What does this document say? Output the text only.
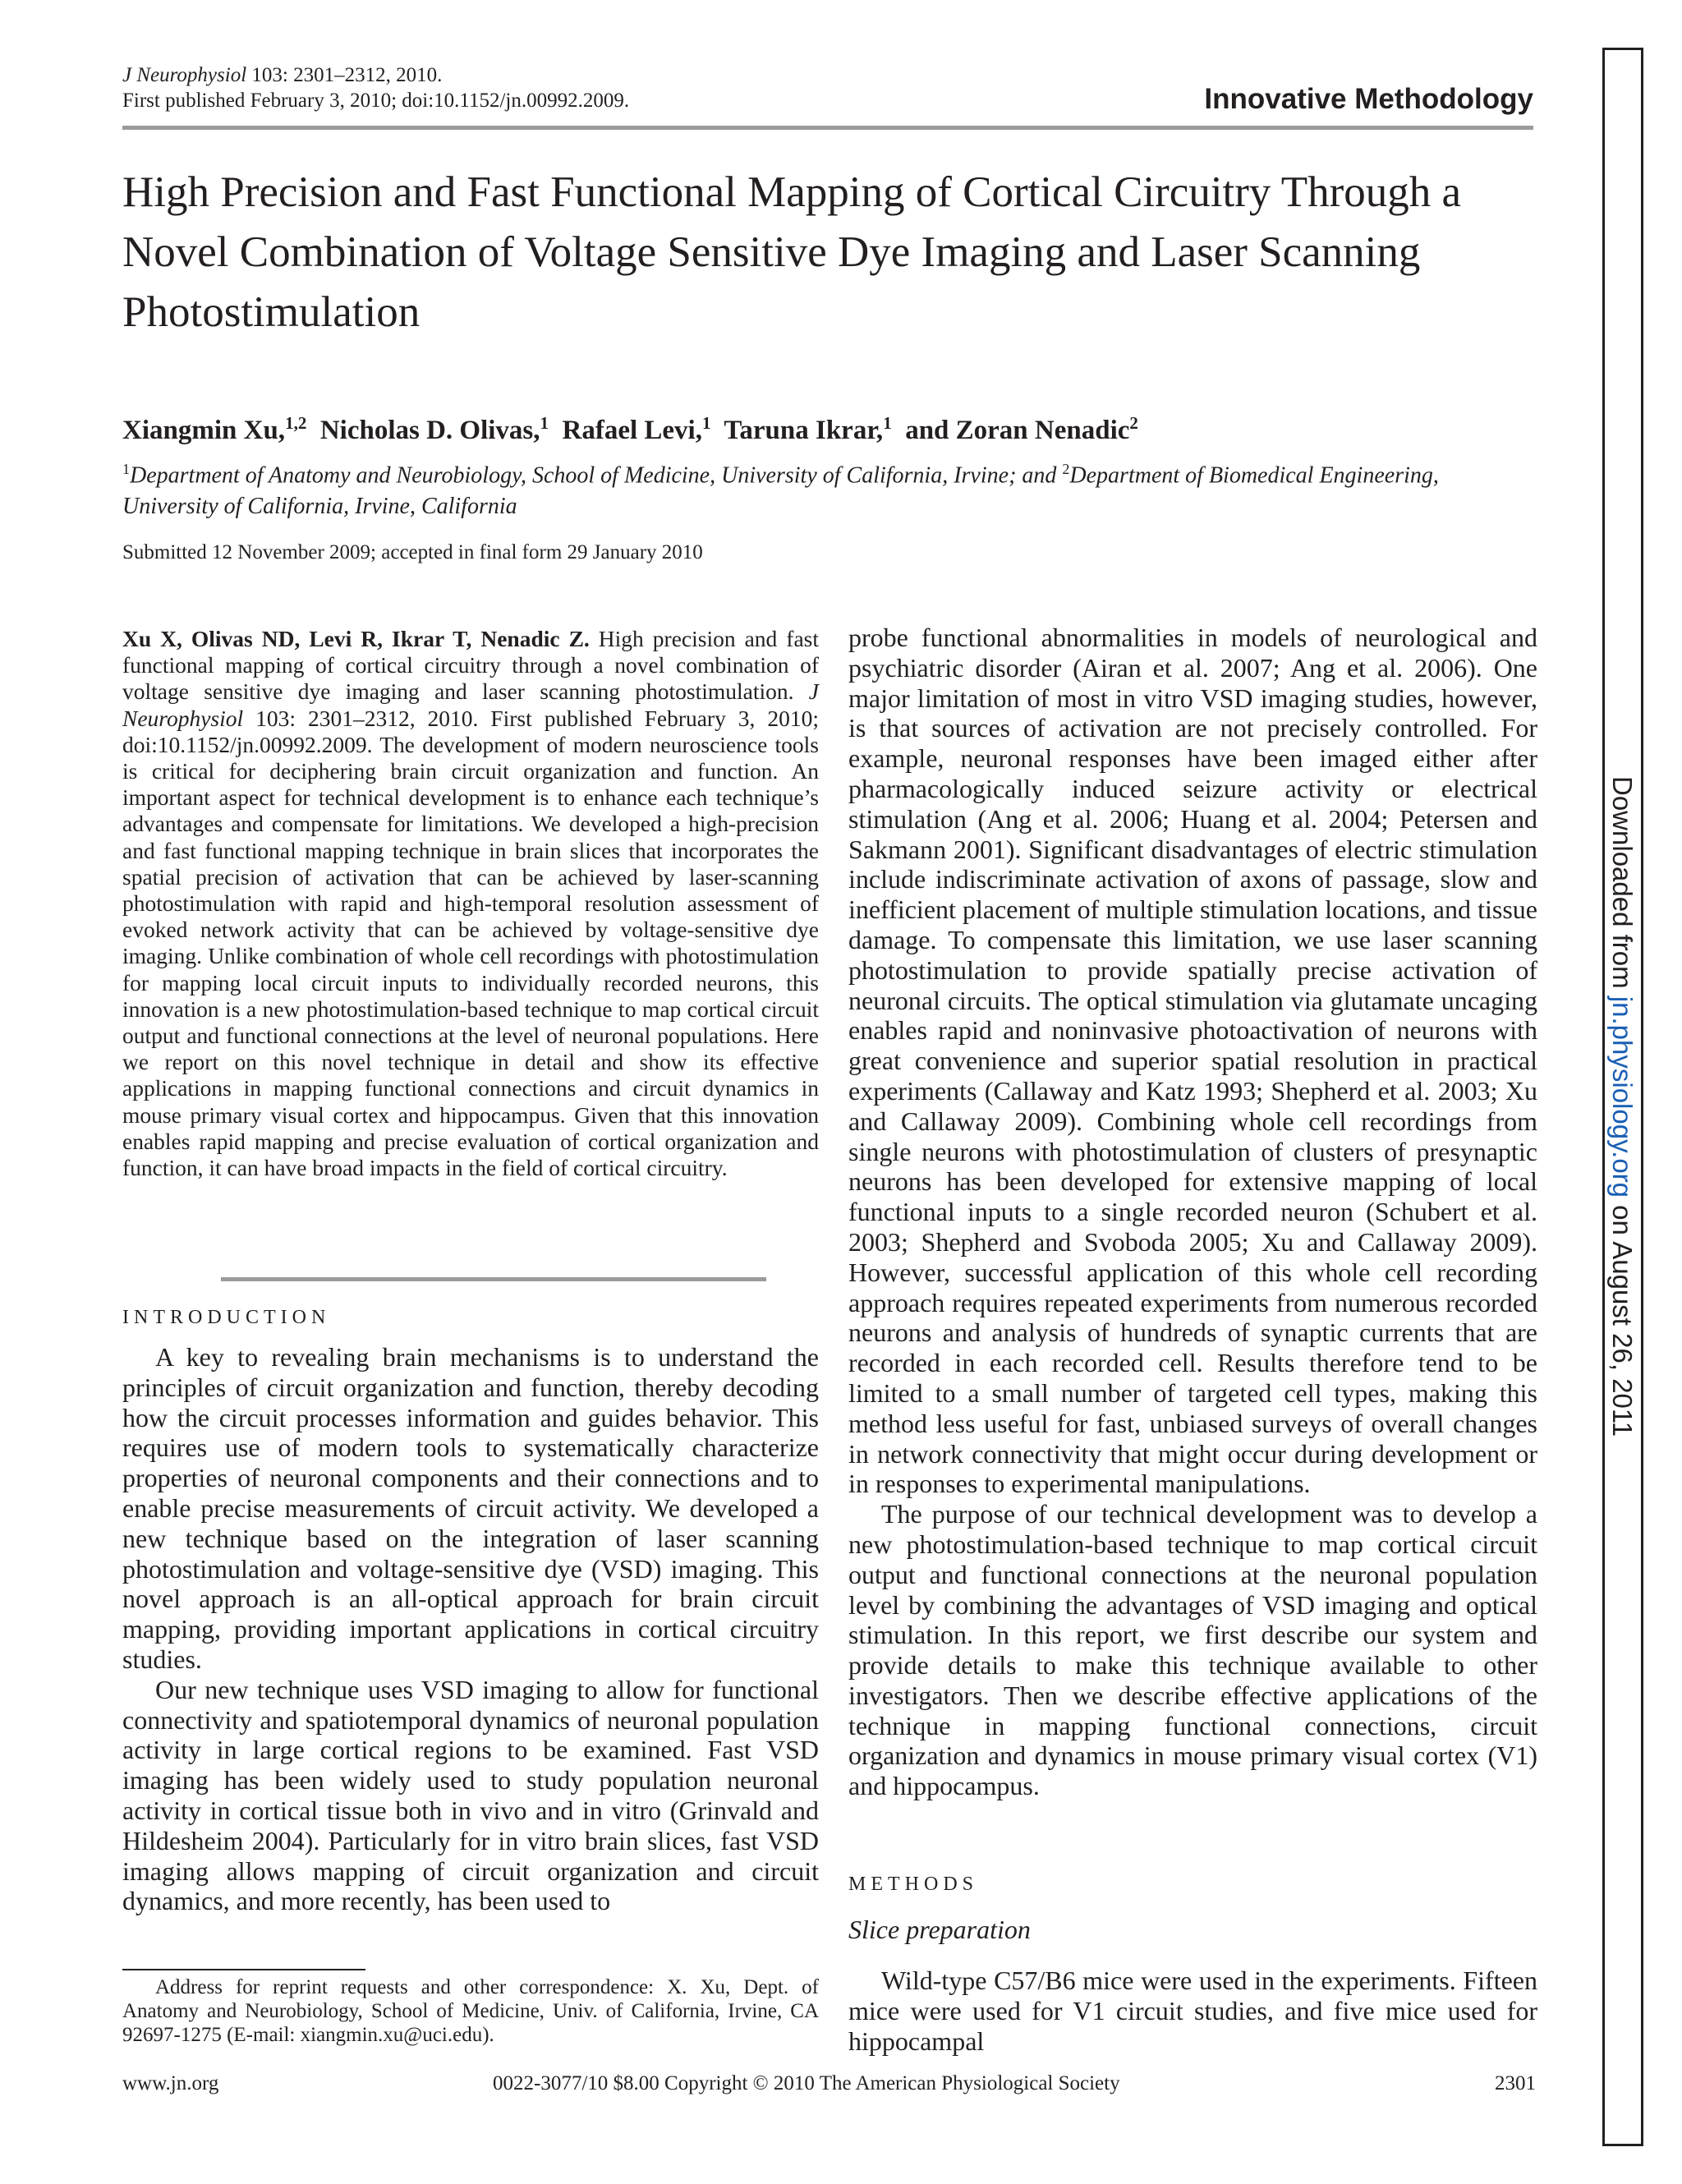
J Neurophysiol 103: 2301–2312, 2010.
First published February 3, 2010; doi:10.1152/jn.00992.2009.	Innovative Methodology
High Precision and Fast Functional Mapping of Cortical Circuitry Through a Novel Combination of Voltage Sensitive Dye Imaging and Laser Scanning Photostimulation
Xiangmin Xu,$^{1,2}$ Nicholas D. Olivas,$^1$ Rafael Levi,$^1$ Taruna Ikrar,$^1$ and Zoran Nenadic$^2$
$^1$Department of Anatomy and Neurobiology, School of Medicine, University of California, Irvine; and $^2$Department of Biomedical Engineering, University of California, Irvine, California
Submitted 12 November 2009; accepted in final form 29 January 2010
Xu X, Olivas ND, Levi R, Ikrar T, Nenadic Z. High precision and fast functional mapping of cortical circuitry through a novel combination of voltage sensitive dye imaging and laser scanning photostimulation. J Neurophysiol 103: 2301–2312, 2010. First published February 3, 2010; doi:10.1152/jn.00992.2009. The development of modern neuroscience tools is critical for deciphering brain circuit organization and function. An important aspect for technical development is to enhance each technique’s advantages and compensate for limitations. We developed a high-precision and fast functional mapping technique in brain slices that incorporates the spatial precision of activation that can be achieved by laser-scanning photostimulation with rapid and high-temporal resolution assessment of evoked network activity that can be achieved by voltage-sensitive dye imaging. Unlike combination of whole cell recordings with photostimulation for mapping local circuit inputs to individually recorded neurons, this innovation is a new photostimulation-based technique to map cortical circuit output and functional connections at the level of neuronal populations. Here we report on this novel technique in detail and show its effective applications in mapping functional connections and circuit dynamics in mouse primary visual cortex and hippocampus. Given that this innovation enables rapid mapping and precise evaluation of cortical organization and function, it can have broad impacts in the field of cortical circuitry.
INTRODUCTION

A key to revealing brain mechanisms is to understand the principles of circuit organization and function, thereby decoding how the circuit processes information and guides behavior. This requires use of modern tools to systematically characterize properties of neuronal components and their connections and to enable precise measurements of circuit activity. We developed a new technique based on the integration of laser scanning photostimulation and voltage-sensitive dye (VSD) imaging. This novel approach is an all-optical approach for brain circuit mapping, providing important applications in cortical circuitry studies.

Our new technique uses VSD imaging to allow for functional connectivity and spatiotemporal dynamics of neuronal population activity in large cortical regions to be examined. Fast VSD imaging has been widely used to study population neuronal activity in cortical tissue both in vivo and in vitro (Grinvald and Hildesheim 2004). Particularly for in vitro brain slices, fast VSD imaging allows mapping of circuit organization and circuit dynamics, and more recently, has been used to

Address for reprint requests and other correspondence: X. Xu, Dept. of Anatomy and Neurobiology, School of Medicine, Univ. of California, Irvine, CA 92697-1275 (E-mail: xiangmin.xu@uci.edu).

probe functional abnormalities in models of neurological and psychiatric disorder (Airan et al. 2007; Ang et al. 2006). One major limitation of most in vitro VSD imaging studies, however, is that sources of activation are not precisely controlled. For example, neuronal responses have been imaged either after pharmacologically induced seizure activity or electrical stimulation (Ang et al. 2006; Huang et al. 2004; Petersen and Sakmann 2001). Significant disadvantages of electric stimulation include indiscriminate activation of axons of passage, slow and inefficient placement of multiple stimulation locations, and tissue damage. To compensate this limitation, we use laser scanning photostimulation to provide spatially precise activation of neuronal circuits. The optical stimulation via glutamate uncaging enables rapid and noninvasive photoactivation of neurons with great convenience and superior spatial resolution in practical experiments (Callaway and Katz 1993; Shepherd et al. 2003; Xu and Callaway 2009). Combining whole cell recordings from single neurons with photostimulation of clusters of presynaptic neurons has been developed for extensive mapping of local functional inputs to a single recorded neuron (Schubert et al. 2003; Shepherd and Svoboda 2005; Xu and Callaway 2009). However, successful application of this whole cell recording approach requires repeated experiments from numerous recorded neurons and analysis of hundreds of synaptic currents that are recorded in each recorded cell. Results therefore tend to be limited to a small number of targeted cell types, making this method less useful for fast, unbiased surveys of overall changes in network connectivity that might occur during development or in responses to experimental manipulations.

The purpose of our technical development was to develop a new photostimulation-based technique to map cortical circuit output and functional connections at the neuronal population level by combining the advantages of VSD imaging and optical stimulation. In this report, we first describe our system and provide details to make this technique available to other investigators. Then we describe effective applications of the technique in mapping functional connections, circuit organization and dynamics in mouse primary visual cortex (V1) and hippocampus.

METHODS
Slice preparation

Wild-type C57/B6 mice were used in the experiments. Fifteen mice were used for V1 circuit studies, and five mice used for hippocampal

www.jn.org	0022-3077/10 $8.00 Copyright © 2010 The American Physiological Society	2301
Downloaded from jn.physiology.org on August 26, 2011
